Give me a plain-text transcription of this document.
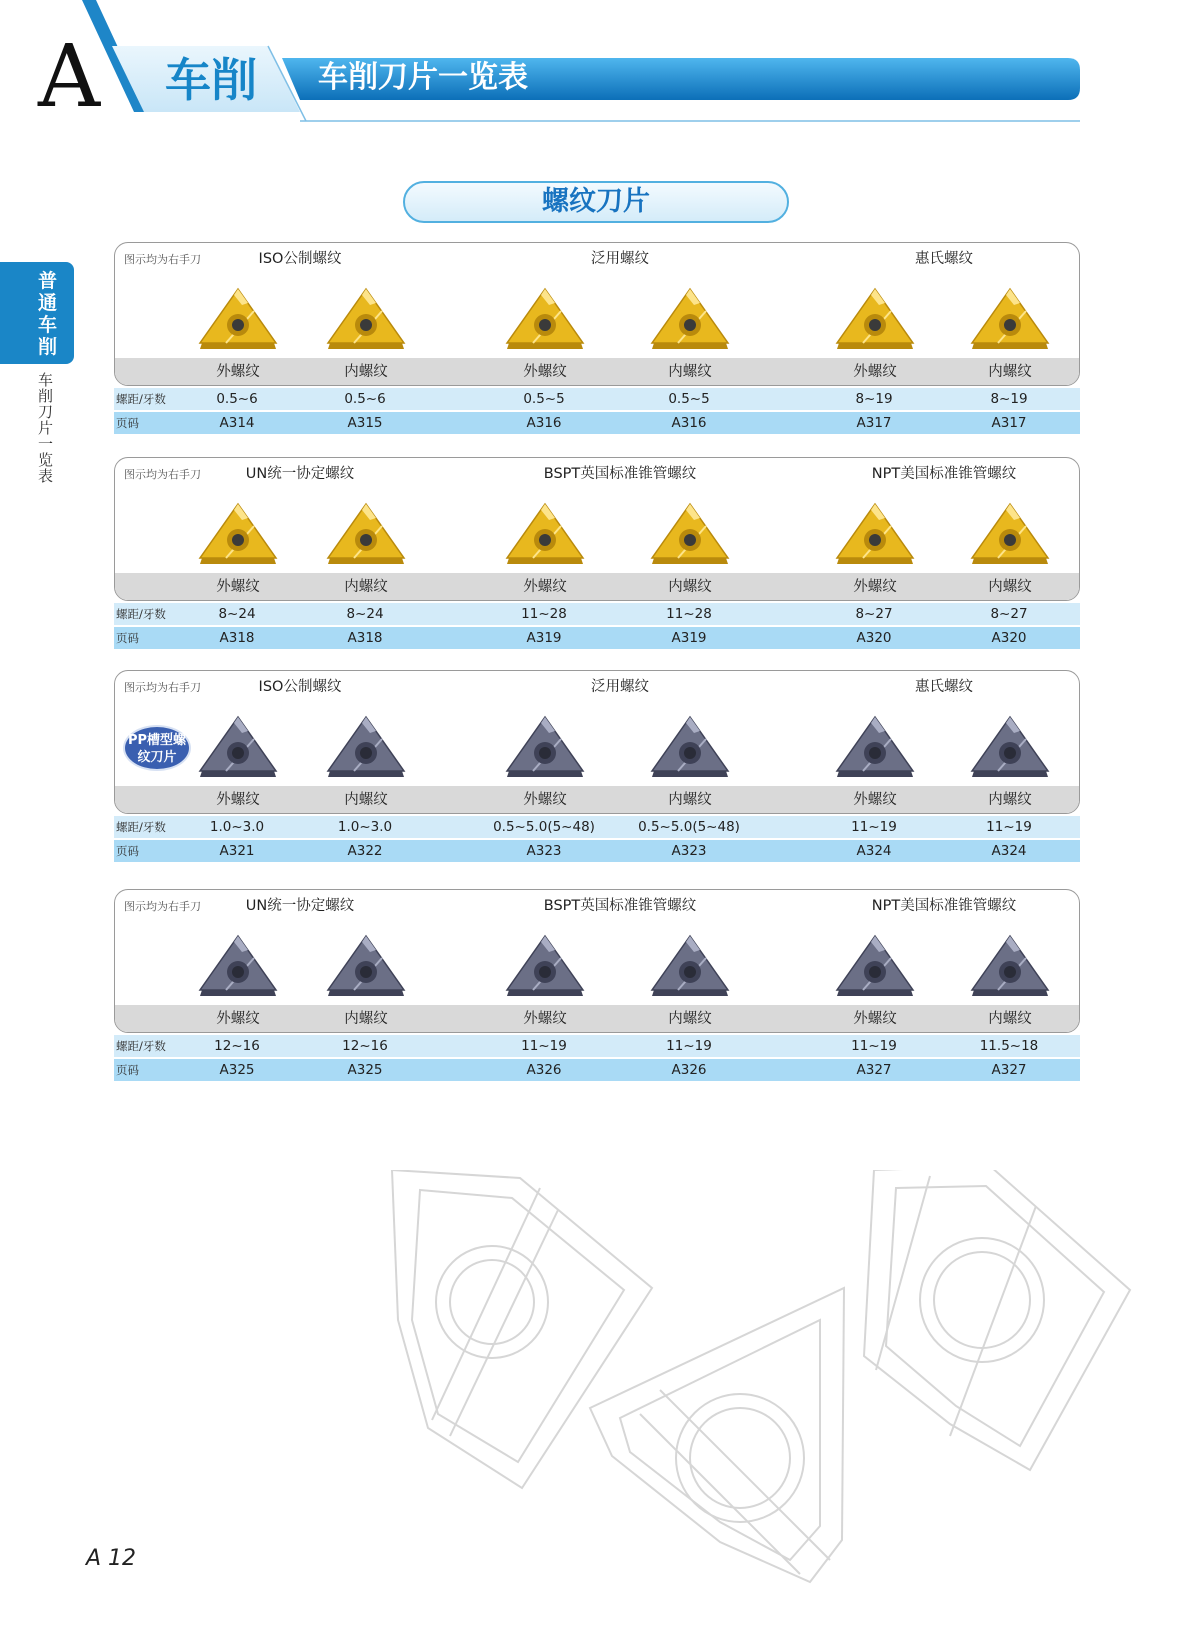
A 车削 车削刀片一览表
普通车削
车削刀片一览表
螺纹刀片
图示均为右手刀	ISO公制螺纹	泛用螺纹	惠氏螺纹
外螺纹	内螺纹	外螺纹	内螺纹	外螺纹	内螺纹
螺距/牙数	0.5~6	0.5~6	0.5~5	0.5~5	8~19	8~19
页码	A314	A315	A316	A316	A317	A317
图示均为右手刀	UN统一协定螺纹	BSPT英国标准锥管螺纹	NPT美国标准锥管螺纹
外螺纹	内螺纹	外螺纹	内螺纹	外螺纹	内螺纹
螺距/牙数	8~24	8~24	11~28	11~28	8~27	8~27
页码	A318	A318	A319	A319	A320	A320
图示均为右手刀	ISO公制螺纹	泛用螺纹	惠氏螺纹
PP槽型螺纹刀片
外螺纹	内螺纹	外螺纹	内螺纹	外螺纹	内螺纹
螺距/牙数	1.0~3.0	1.0~3.0	0.5~5.0(5~48)	0.5~5.0(5~48)	11~19	11~19
页码	A321	A322	A323	A323	A324	A324
图示均为右手刀	UN统一协定螺纹	BSPT英国标准锥管螺纹	NPT美国标准锥管螺纹
外螺纹	内螺纹	外螺纹	内螺纹	外螺纹	内螺纹
螺距/牙数	12~16	12~16	11~19	11~19	11~19	11.5~18
页码	A325	A325	A326	A326	A327	A327
A 12
